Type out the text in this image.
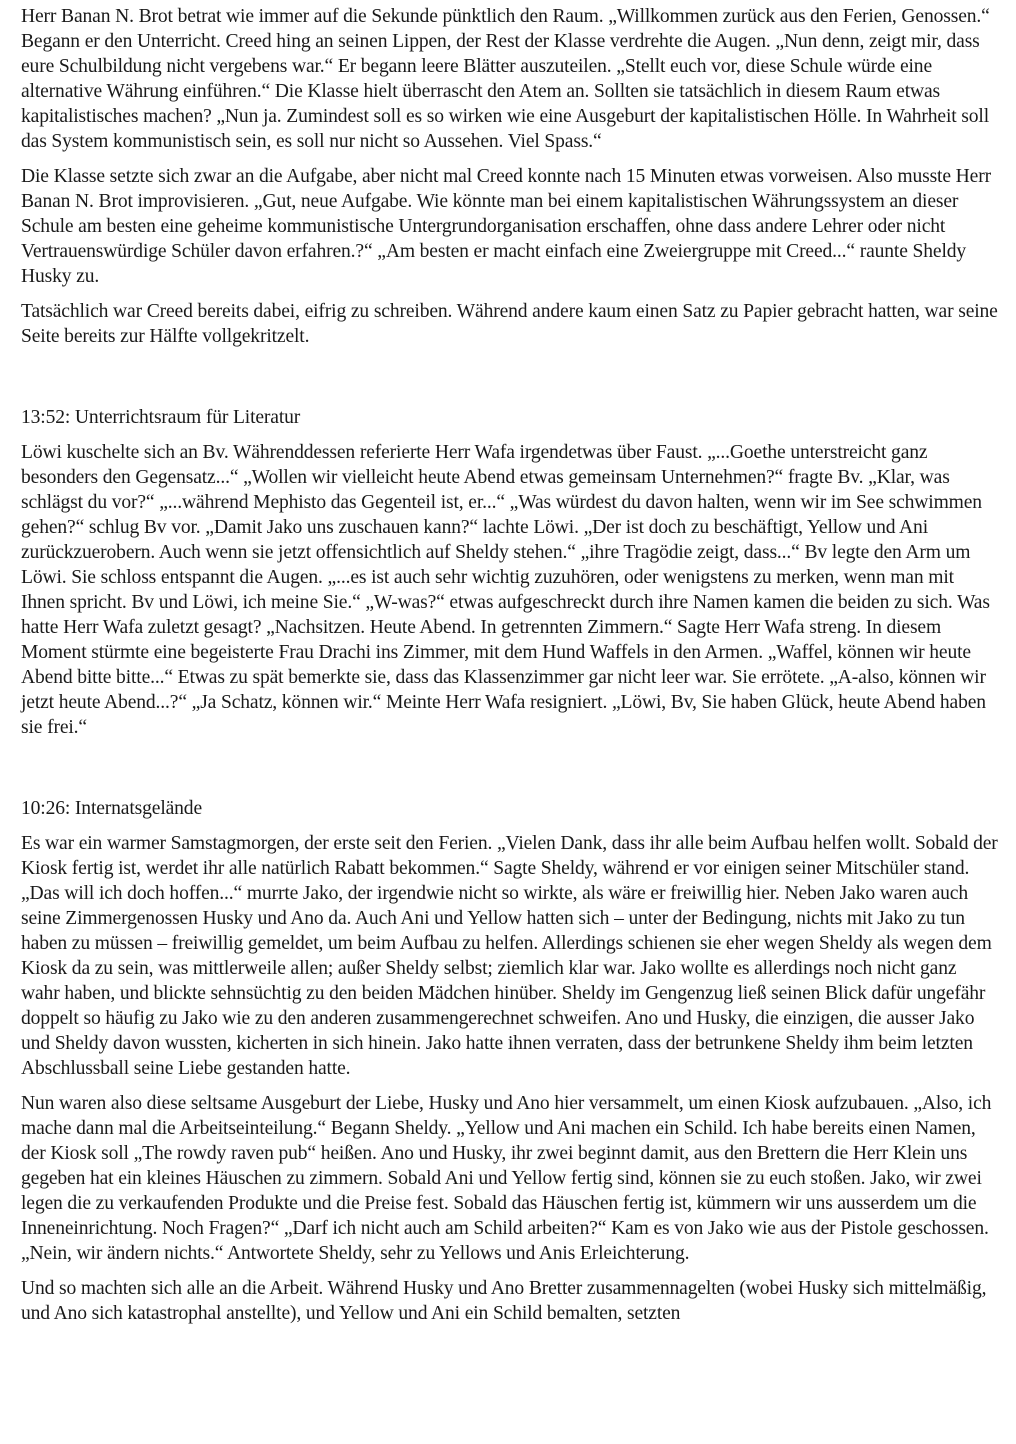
Herr Banan N. Brot betrat wie immer auf die Sekunde pünktlich den Raum. „Willkommen zurück aus den Ferien, Genossen.“ Begann er den Unterricht. Creed hing an seinen Lippen, der Rest der Klasse verdrehte die Augen. „Nun denn, zeigt mir, dass eure Schulbildung nicht vergebens war.“ Er begann leere Blätter auszuteilen. „Stellt euch vor, diese Schule würde eine alternative Währung einführen.“ Die Klasse hielt überrascht den Atem an. Sollten sie tatsächlich in diesem Raum etwas kapitalistisches machen? „Nun ja. Zumindest soll es so wirken wie eine Ausgeburt der kapitalistischen Hölle. In Wahrheit soll das System kommunistisch sein, es soll nur nicht so Aussehen. Viel Spass.“

Die Klasse setzte sich zwar an die Aufgabe, aber nicht mal Creed konnte nach 15 Minuten etwas vorweisen. Also musste Herr Banan N. Brot improvisieren. „Gut, neue Aufgabe. Wie könnte man bei einem kapitalistischen Währungssystem an dieser Schule am besten eine geheime kommunistische Untergrundorganisation erschaffen, ohne dass andere Lehrer oder nicht Vertrauenswürdige Schüler davon erfahren.?“ „Am besten er macht einfach eine Zweiergruppe mit Creed...“ raunte Sheldy Husky zu.

Tatsächlich war Creed bereits dabei, eifrig zu schreiben. Während andere kaum einen Satz zu Papier gebracht hatten, war seine Seite bereits zur Hälfte vollgekritzelt.

13:52: Unterrichtsraum für Literatur

Löwi kuschelte sich an Bv. Währenddessen referierte Herr Wafa irgendetwas über Faust. „...Goethe unterstreicht ganz besonders den Gegensatz...“ „Wollen wir vielleicht heute Abend etwas gemeinsam Unternehmen?“ fragte Bv. „Klar, was schlägst du vor?“ „...während Mephisto das Gegenteil ist, er...“ „Was würdest du davon halten, wenn wir im See schwimmen gehen?“ schlug Bv vor. „Damit Jako uns zuschauen kann?“ lachte Löwi. „Der ist doch zu beschäftigt, Yellow und Ani zurückzuerobern. Auch wenn sie jetzt offensichtlich auf Sheldy stehen.“ „ihre Tragödie zeigt, dass...“ Bv legte den Arm um Löwi. Sie schloss entspannt die Augen. „...es ist auch sehr wichtig zuzuhören, oder wenigstens zu merken, wenn man mit Ihnen spricht. Bv und Löwi, ich meine Sie.“ „W-was?“ etwas aufgeschreckt durch ihre Namen kamen die beiden zu sich. Was hatte Herr Wafa zuletzt gesagt? „Nachsitzen. Heute Abend. In getrennten Zimmern.“ Sagte Herr Wafa streng. In diesem Moment stürmte eine begeisterte Frau Drachi ins Zimmer, mit dem Hund Waffels in den Armen. „Waffel, können wir heute Abend bitte bitte...“ Etwas zu spät bemerkte sie, dass das Klassenzimmer gar nicht leer war. Sie errötete. „A-also, können wir jetzt heute Abend...?“ „Ja Schatz, können wir.“ Meinte Herr Wafa resigniert. „Löwi, Bv, Sie haben Glück, heute Abend haben sie frei.“

10:26: Internatsgelände

Es war ein warmer Samstagmorgen, der erste seit den Ferien. „Vielen Dank, dass ihr alle beim Aufbau helfen wollt. Sobald der Kiosk fertig ist, werdet ihr alle natürlich Rabatt bekommen.“ Sagte Sheldy, während er vor einigen seiner Mitschüler stand. „Das will ich doch hoffen...“ murrte Jako, der irgendwie nicht so wirkte, als wäre er freiwillig hier. Neben Jako waren auch seine Zimmergenossen Husky und Ano da. Auch Ani und Yellow hatten sich – unter der Bedingung, nichts mit Jako zu tun haben zu müssen – freiwillig gemeldet, um beim Aufbau zu helfen. Allerdings schienen sie eher wegen Sheldy als wegen dem Kiosk da zu sein, was mittlerweile allen; außer Sheldy selbst; ziemlich klar war. Jako wollte es allerdings noch nicht ganz wahr haben, und blickte sehnsüchtig zu den beiden Mädchen hinüber. Sheldy im Gengenzug ließ seinen Blick dafür ungefähr doppelt so häufig zu Jako wie zu den anderen zusammengerechnet schweifen. Ano und Husky, die einzigen, die ausser Jako und Sheldy davon wussten, kicherten in sich hinein. Jako hatte ihnen verraten, dass der betrunkene Sheldy ihm beim letzten Abschlussball seine Liebe gestanden hatte.

Nun waren also diese seltsame Ausgeburt der Liebe, Husky und Ano hier versammelt, um einen Kiosk aufzubauen. „Also, ich mache dann mal die Arbeitseinteilung.“ Begann Sheldy. „Yellow und Ani machen ein Schild. Ich habe bereits einen Namen, der Kiosk soll „The rowdy raven pub“ heißen. Ano und Husky, ihr zwei beginnt damit, aus den Brettern die Herr Klein uns gegeben hat ein kleines Häuschen zu zimmern. Sobald Ani und Yellow fertig sind, können sie zu euch stoßen. Jako, wir zwei legen die zu verkaufenden Produkte und die Preise fest. Sobald das Häuschen fertig ist, kümmern wir uns ausserdem um die Inneneinrichtung. Noch Fragen?“ „Darf ich nicht auch am Schild arbeiten?“ Kam es von Jako wie aus der Pistole geschossen. „Nein, wir ändern nichts.“ Antwortete Sheldy, sehr zu Yellows und Anis Erleichterung.

Und so machten sich alle an die Arbeit. Während Husky und Ano Bretter zusammennagelten (wobei Husky sich mittelmäßig, und Ano sich katastrophal anstellte), und Yellow und Ani ein Schild bemalten, setzten
